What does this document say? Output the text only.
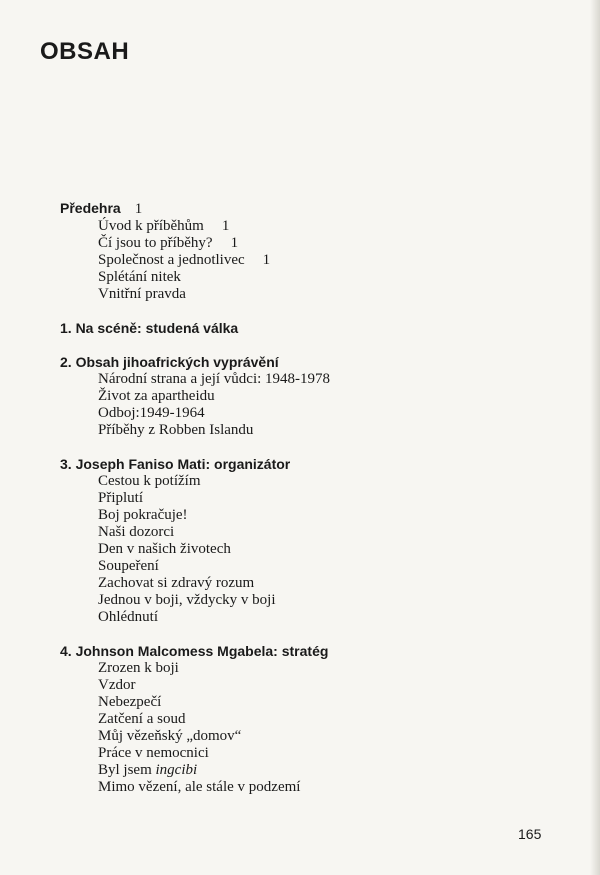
OBSAH
Předehra 1
Úvod k příběhům 1
Čí jsou to příběhy? 1
Společnost a jednotlivec 1
Splétání nitek
Vnitřní pravda
1. Na scéně: studená válka
2. Obsah jihoafrických vyprávění
Národní strana a její vůdci: 1948-1978
Život za apartheidu
Odboj:1949-1964
Příběhy z Robben Islandu
3. Joseph Faniso Mati: organizátor
Cestou k potížím
Připlutí
Boj pokračuje!
Naši dozorci
Den v našich životech
Soupeření
Zachovat si zdravý rozum
Jednou v boji, vždycky v boji
Ohlédnutí
4. Johnson Malcomess Mgabela: stratég
Zrozen k boji
Vzdor
Nebezpečí
Zatčení a soud
Můj vězeňský „domov“
Práce v nemocnici
Byl jsem ingcibi
Mimo vězení, ale stále v podzemí
165
